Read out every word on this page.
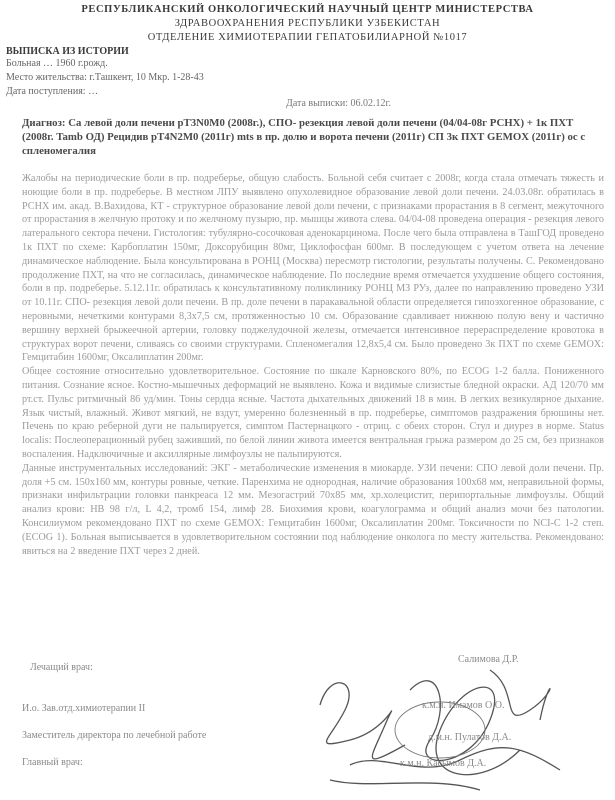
РЕСПУБЛИКАНСКИЙ ОНКОЛОГИЧЕСКИЙ НАУЧНЫЙ ЦЕНТР МИНИСТЕРСТВА
ЗДРАВООХРАНЕНИЯ РЕСПУБЛИКИ УЗБЕКИСТАН
ОТДЕЛЕНИЕ ХИМИОТЕРАПИИ ГЕПАТОБИЛИАРНОЙ №1017
ВЫПИСКА ИЗ ИСТОРИИ
Больная … 1960 г.рожд.
Место жительства: г.Ташкент, 10 Мкр. 1-28-43
Дата поступления: …
Дата выписки: 06.02.12г.
Диагноз: Ca левой доли печени pT3N0M0 (2008г.), СПО- резекция левой доли печени (04/04-08г РСНХ) + 1к ПХТ (2008г. Tamb ОД) Рецидив pT4N2M0 (2011г) mts в пр. долю и ворота печени (2011г) СП 3к ПХТ GEMOX (2011г) ос с спленомегалия

Жалобы на периодические боли в пр. подреберье, общую слабость. Больной себя считает с 2008г, когда стала отмечать тяжесть и ноющие боли в пр. подреберье. В местном ЛПУ выявлено опухолевидное образование левой доли печени. 24.03.08г. обратилась в РСНХ им. акад. В.Вахидова, КТ - структурное образование левой доли печени, с признаками прорастания в 8 сегмент, межуточного от прорастания в желчную протоку и по желчному пузырю, пр. мышцы живота слева. 04/04-08 проведена операция - резекция левого латерального сектора печени. Гистология: тубулярно-сосочковая аденокарцинома. После чего была отправлена в ТашГОД проведено 1к ПХТ по схеме: Карбоплатин 150мг, Доксорубицин 80мг, Циклофосфан 600мг. В последующем с учетом ответа на лечение динамическое наблюдение. Была консультирована в РОНЦ (Москва) пересмотр гистологии, результаты получены. С. Рекомендовано продолжение ПХТ, на что не согласилась, динамическое наблюдение. По последние время отмечается ухудшение общего состояния, боли в пр. подреберье. 5.12.11г. обратилась к консультативному поликлинику РОНЦ МЗ РУз, далее по направлению проведено УЗИ от 10.11г. СПО- резекция левой доли печени. В пр. доле печени в паракавальной области определяется гипоэхогенное образование, с неровными, нечеткими контурами 8,3х7,5 см, протяженностью 10 см. Образование сдавливает нижнюю полую вену и частично вершину верхней брыжеечной артерии, головку поджелудочной железы, отмечается интенсивное перераспределение кровотока в структурах ворот печени, сливаясь со своими структурами. Спленомегалия 12,8х5,4 см. Было проведено 3к ПХТ по схеме GEMOX: Гемцитабин 1600мг, Оксалиплатин 200мг.

Общее состояние относительно удовлетворительное. Состояние по шкале Карновского 80%, по ECOG 1-2 балла. Пониженного питания. Сознание ясное. Костно-мышечных деформаций не выявлено. Кожа и видимые слизистые бледной окраски. АД 120/70 мм рт.ст. Пульс ритмичный 86 уд/мин. Тоны сердца ясные. Частота дыхательных движений 18 в мин. В легких везикулярное дыхание. Язык чистый, влажный. Живот мягкий, не вздут, умеренно болезненный в пр. подреберье, симптомов раздражения брюшины нет. Печень по краю реберной дуги не пальпируется, симптом Пастернацкого - отриц. с обеих сторон. Стул и диурез в норме. Status localis: Послеоперационный рубец заживший, по белой линии живота имеется вентральная грыжа размером до 25 см, без признаков воспаления. Надключичные и аксиллярные лимфоузлы не пальпируются.

Данные инструментальных исследований: ЭКГ - метаболические изменения в миокарде. УЗИ печени: СПО левой доли печени. Пр. доля +5 см. 150х160 мм, контуры ровные, четкие. Паренхима не однородная, наличие образования 100х68 мм, неправильной формы, признаки инфильтрации головки панкреаса 12 мм. Мезогастрий 70х85 мм, хр.холецистит, перипортальные лимфоузлы. Общий анализ крови: НВ 98 г/л, L 4,2, тромб 154, лимф 28. Биохимия крови, коагулограмма и общий анализ мочи без патологии. Консилиумом рекомендовано ПХТ по схеме GEMOX: Гемцитабин 1600мг, Оксалиплатин 200мг. Токсичности по NCI-C 1-2 степ. (ECOG 1). Больная выписывается в удовлетворительном состоянии под наблюдение онколога по месту жительства. Рекомендовано: явиться на 2 введение ПХТ через 2 дней.

Лечащий врач:
Салимова Д.Р.
И.о. Зав.отд.химиотерапии II	к.м.н. Имамов О.О.
Заместитель директора по лечебной работе	д.м.н. Пулатов Д.А.
Главный врач:	к.м.н. Касымов Д.А.
